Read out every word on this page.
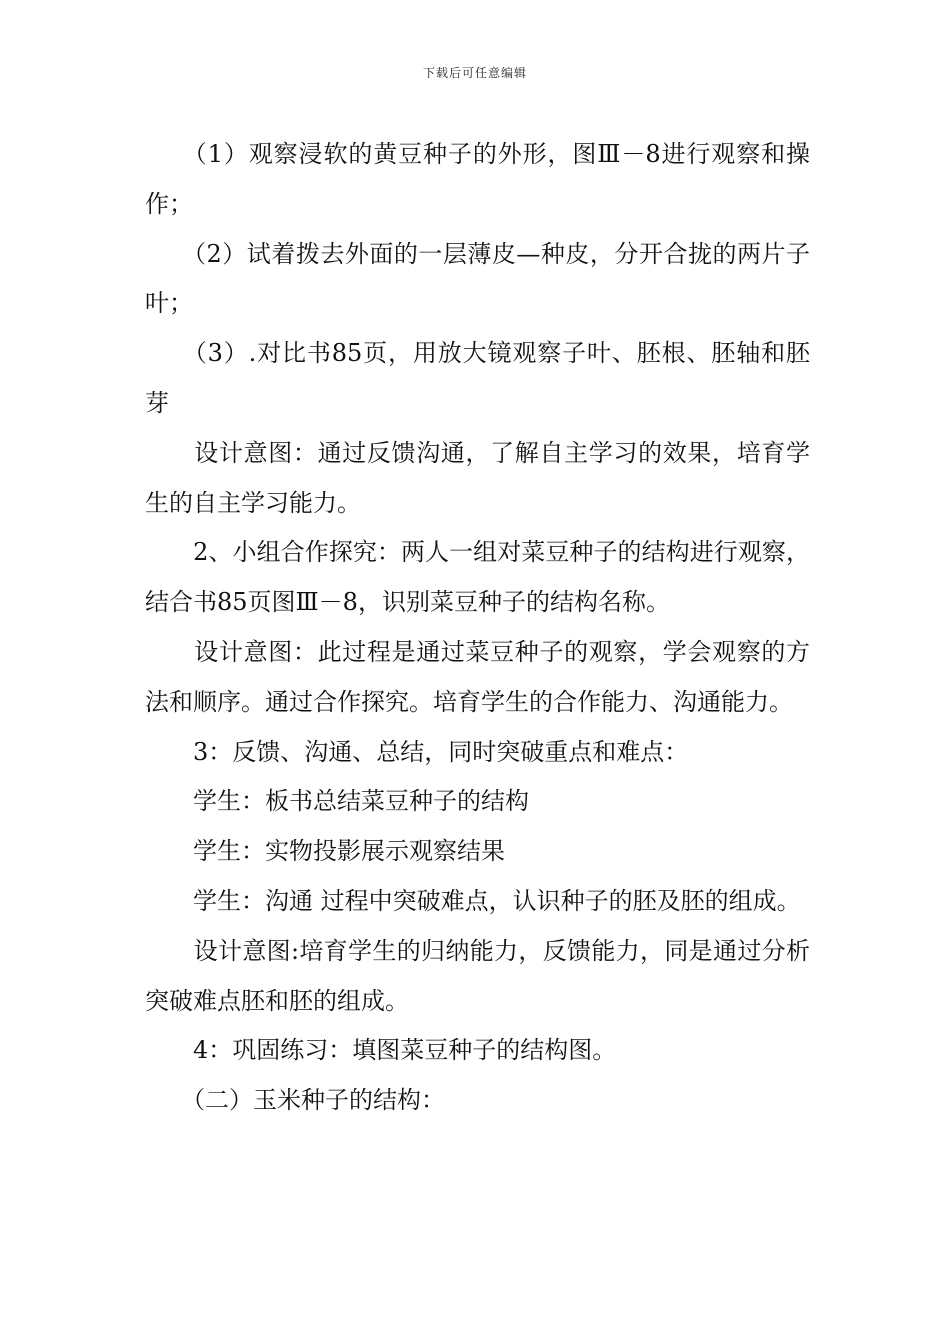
下载后可任意编辑

　　（1）观察浸软的黄豆种子的外形，图Ⅲ－8进行观察和操作；

　　（2）试着拨去外面的一层薄皮—种皮，分开合拢的两片子叶；

　　（3）.对比书85页，用放大镜观察子叶、胚根、胚轴和胚芽

　　设计意图：通过反馈沟通，了解自主学习的效果，培育学生的自主学习能力。

　　2、小组合作探究：两人一组对菜豆种子的结构进行观察，结合书85页图Ⅲ－8，识别菜豆种子的结构名称。

　　设计意图：此过程是通过菜豆种子的观察，学会观察的方法和顺序。通过合作探究。培育学生的合作能力、沟通能力。

　　3：反馈、沟通、总结，同时突破重点和难点：

　　学生：板书总结菜豆种子的结构

　　学生：实物投影展示观察结果

　　学生：沟通 过程中突破难点，认识种子的胚及胚的组成。

　　设计意图:培育学生的归纳能力，反馈能力，同是通过分析突破难点胚和胚的组成。

　　4：巩固练习：填图菜豆种子的结构图。

　　（二）玉米种子的结构：
